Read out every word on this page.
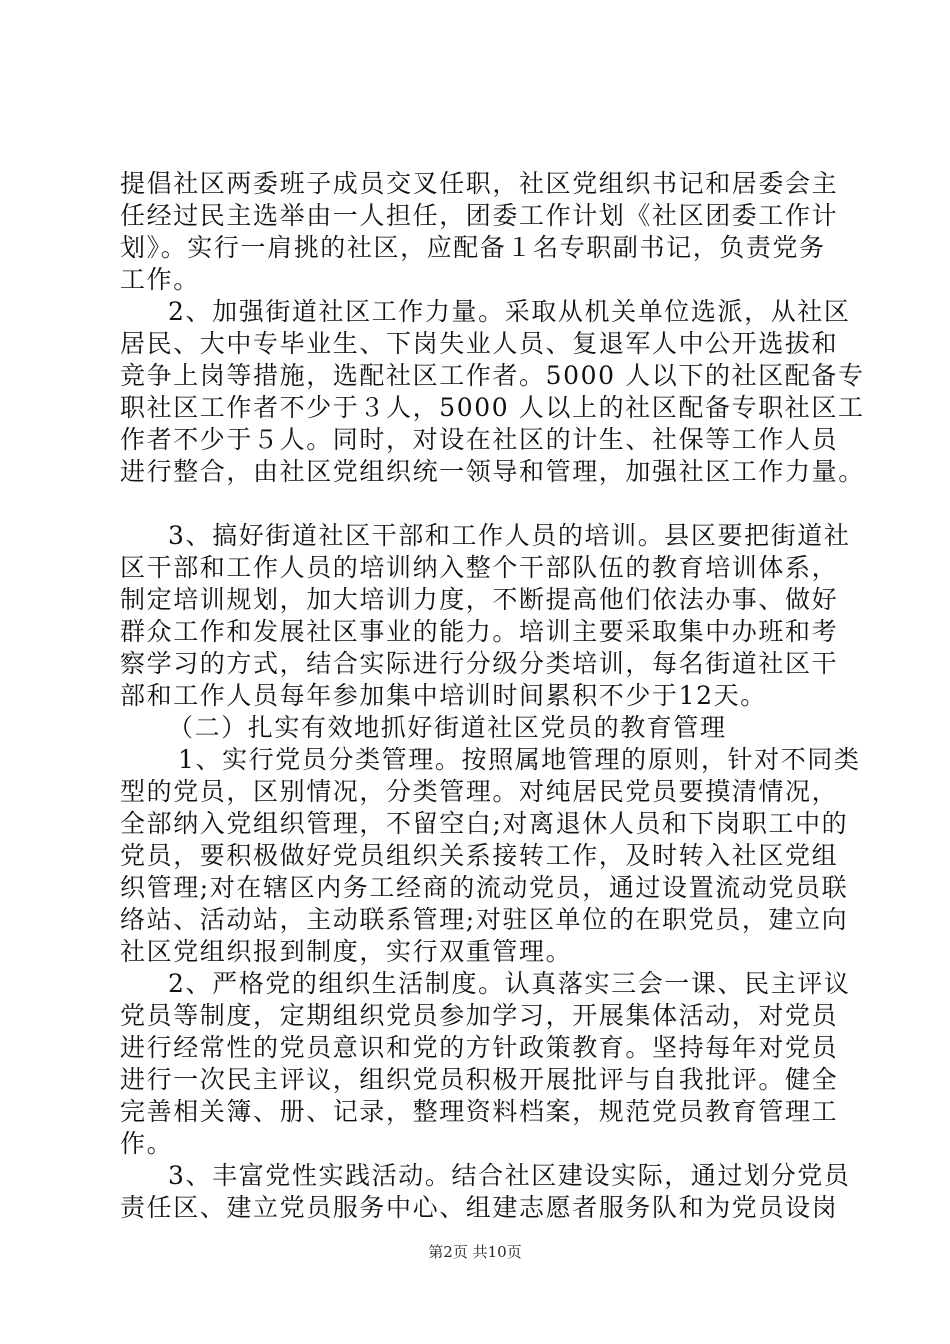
提倡社区两委班子成员交叉任职，社区党组织书记和居委会主
任经过民主选举由一人担任，团委工作计划《社区团委工作计
划》。实行一肩挑的社区，应配备１名专职副书记，负责党务
工作。
2、加强街道社区工作力量。采取从机关单位选派，从社区
居民、大中专毕业生、下岗失业人员、复退军人中公开选拔和
竞争上岗等措施，选配社区工作者。5000 人以下的社区配备专
职社区工作者不少于３人，5000 人以上的社区配备专职社区工
作者不少于５人。同时，对设在社区的计生、社保等工作人员
进行整合，由社区党组织统一领导和管理，加强社区工作力量。
3、搞好街道社区干部和工作人员的培训。县区要把街道社
区干部和工作人员的培训纳入整个干部队伍的教育培训体系，
制定培训规划，加大培训力度，不断提高他们依法办事、做好
群众工作和发展社区事业的能力。培训主要采取集中办班和考
察学习的方式，结合实际进行分级分类培训，每名街道社区干
部和工作人员每年参加集中培训时间累积不少于12天。
（二）扎实有效地抓好街道社区党员的教育管理
1、实行党员分类管理。按照属地管理的原则，针对不同类
型的党员，区别情况，分类管理。对纯居民党员要摸清情况，
全部纳入党组织管理，不留空白;对离退休人员和下岗职工中的
党员，要积极做好党员组织关系接转工作，及时转入社区党组
织管理;对在辖区内务工经商的流动党员，通过设置流动党员联
络站、活动站，主动联系管理;对驻区单位的在职党员，建立向
社区党组织报到制度，实行双重管理。
2、严格党的组织生活制度。认真落实三会一课、民主评议
党员等制度，定期组织党员参加学习，开展集体活动，对党员
进行经常性的党员意识和党的方针政策教育。坚持每年对党员
进行一次民主评议，组织党员积极开展批评与自我批评。健全
完善相关簿、册、记录，整理资料档案，规范党员教育管理工
作。
3、丰富党性实践活动。结合社区建设实际，通过划分党员
责任区、建立党员服务中心、组建志愿者服务队和为党员设岗
第2页 共10页
